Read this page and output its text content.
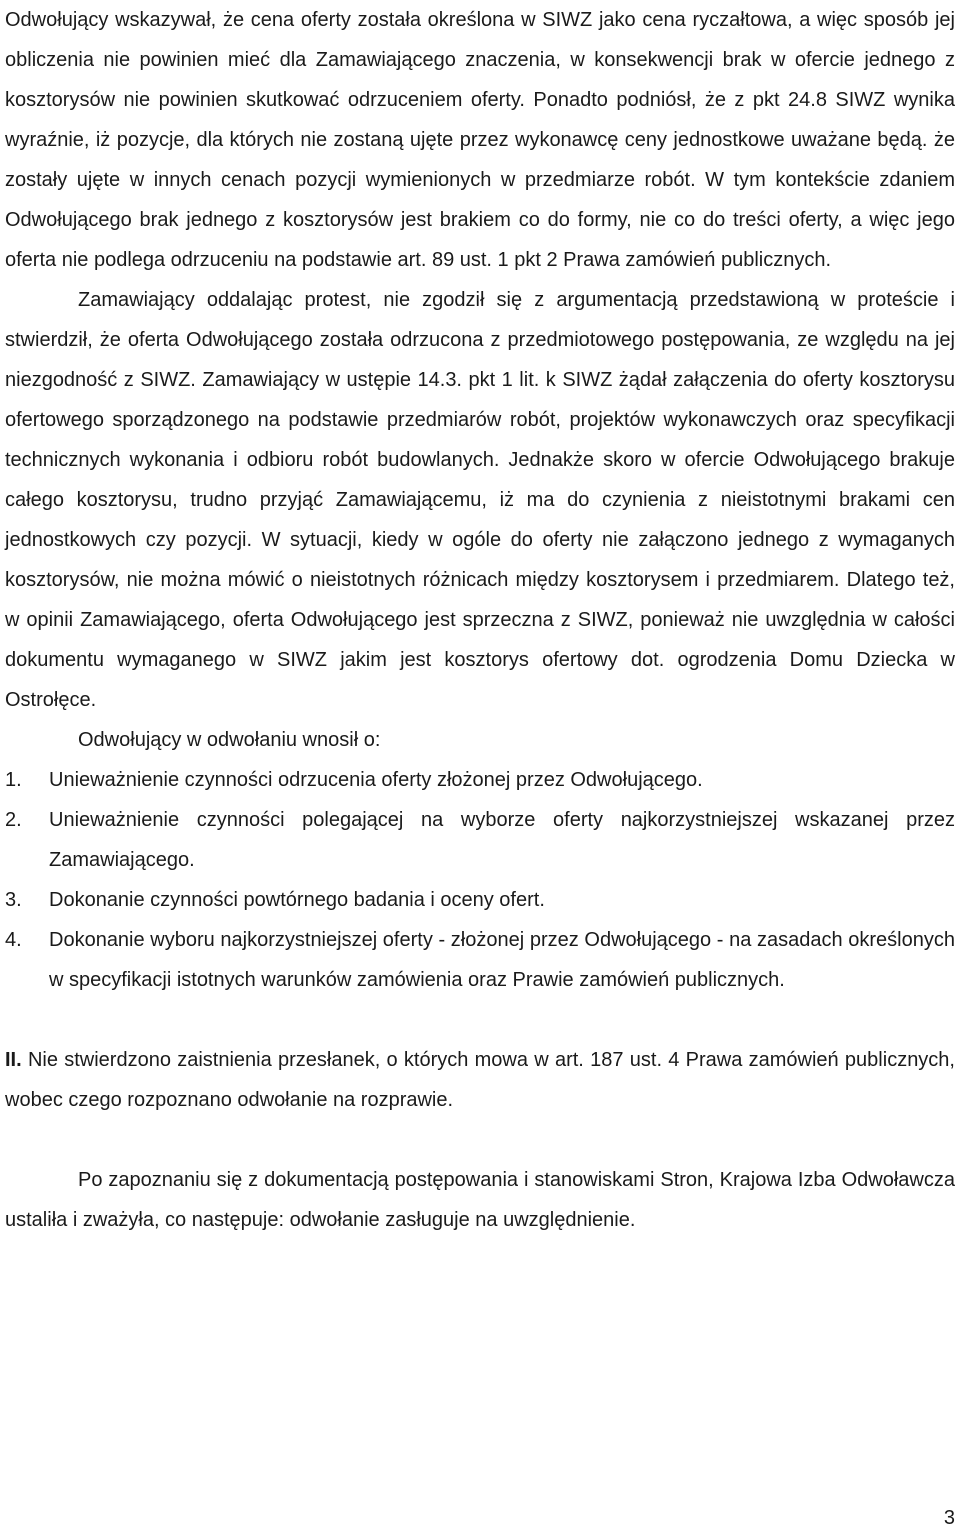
Odwołujący wskazywał, że cena oferty została określona w SIWZ jako cena ryczałtowa, a więc sposób jej obliczenia nie powinien mieć dla Zamawiającego znaczenia, w konsekwencji brak w ofercie jednego z kosztorysów nie powinien skutkować odrzuceniem oferty. Ponadto podniósł, że z pkt 24.8 SIWZ wynika wyraźnie, iż pozycje, dla których nie zostaną ujęte przez wykonawcę ceny jednostkowe uważane będą. że zostały ujęte w innych cenach pozycji wymienionych w przedmiarze robót. W tym kontekście zdaniem Odwołującego brak jednego z kosztorysów jest brakiem co do formy, nie co do treści oferty, a więc jego oferta nie podlega odrzuceniu na podstawie art. 89 ust. 1 pkt 2 Prawa zamówień publicznych.

Zamawiający oddalając protest, nie zgodził się z argumentacją przedstawioną w proteście i stwierdził, że oferta Odwołującego została odrzucona z przedmiotowego postępowania, ze względu na jej niezgodność z SIWZ. Zamawiający w ustępie 14.3. pkt 1 lit. k SIWZ żądał załączenia do oferty kosztorysu ofertowego sporządzonego na podstawie przedmiarów robót, projektów wykonawczych oraz specyfikacji technicznych wykonania i odbioru robót budowlanych. Jednakże skoro w ofercie Odwołującego brakuje całego kosztorysu, trudno przyjąć Zamawiającemu, iż ma do czynienia z nieistotnymi brakami cen jednostkowych czy pozycji. W sytuacji, kiedy w ogóle do oferty nie załączono jednego z wymaganych kosztorysów, nie można mówić o nieistotnych różnicach między kosztorysem i przedmiarem. Dlatego też, w opinii Zamawiającego, oferta Odwołującego jest sprzeczna z SIWZ, ponieważ nie uwzględnia w całości dokumentu wymaganego w SIWZ jakim jest kosztorys ofertowy dot. ogrodzenia Domu Dziecka w Ostrołęce.

Odwołujący w odwołaniu wnosił o:

1. Unieważnienie czynności odrzucenia oferty złożonej przez Odwołującego.
2. Unieważnienie czynności polegającej na wyborze oferty najkorzystniejszej wskazanej przez Zamawiającego.
3. Dokonanie czynności powtórnego badania i oceny ofert.
4. Dokonanie wyboru najkorzystniejszej oferty - złożonej przez Odwołującego - na zasadach określonych w specyfikacji istotnych warunków zamówienia oraz Prawie zamówień publicznych.

II. Nie stwierdzono zaistnienia przesłanek, o których mowa w art. 187 ust. 4 Prawa zamówień publicznych, wobec czego rozpoznano odwołanie na rozprawie.

Po zapoznaniu się z dokumentacją postępowania i stanowiskami Stron, Krajowa Izba Odwoławcza ustaliła i zważyła, co następuje: odwołanie zasługuje na uwzględnienie.

3
